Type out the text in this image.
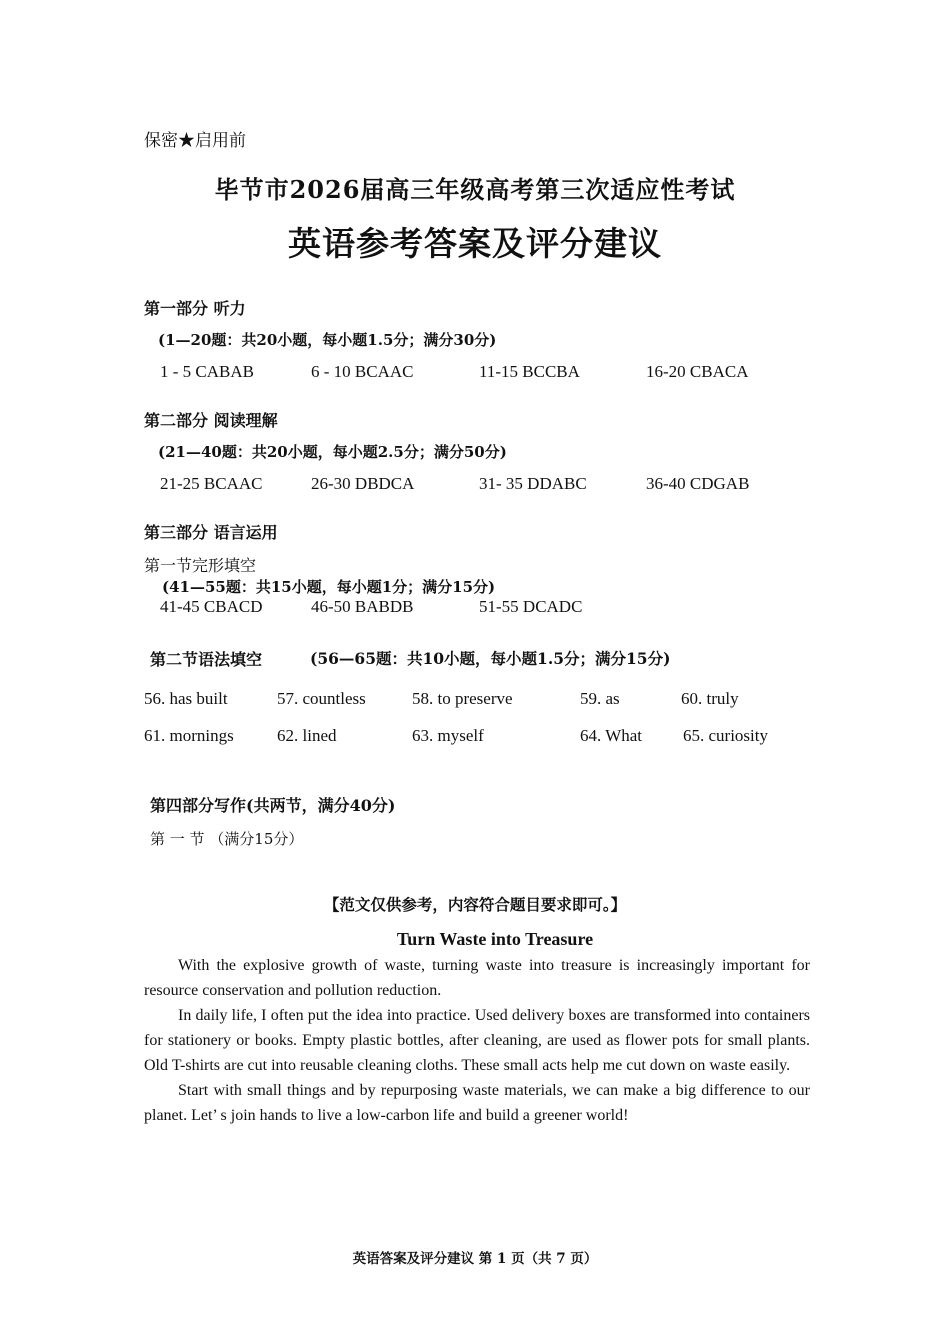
保密★启用前
毕节市2026届高三年级高考第三次适应性考试
英语参考答案及评分建议
第一部分 听力
(1—20题：共20小题，每小题1.5分；满分30分)
1 - 5 CABAB	6 - 10 BCAAC	11-15 BCCBA	16-20 CBACA
第二部分 阅读理解
(21—40题：共20小题，每小题2.5分；满分50分)
21-25 BCAAC	26-30 DBDCA	31- 35 DDABC	36-40 CDGAB
第三部分 语言运用
第一节完形填空
(41—55题：共15小题，每小题1分；满分15分)
41-45 CBACD	46-50 BABDB	51-55 DCADC
第二节语法填空	(56—65题：共10小题，每小题1.5分；满分15分)
56. has built	57. countless	58. to preserve	59. as	60. truly
61. mornings	62. lined	63. myself	64. What 65. curiosity
第四部分写作(共两节，满分40分)
第 一 节 （满分15分）
【范文仅供参考，内容符合题目要求即可。】
Turn Waste into Treasure

With the explosive growth of waste, turning waste into treasure is increasingly important for resource conservation and pollution reduction.

In daily life, I often put the idea into practice. Used delivery boxes are transformed into containers for stationery or books. Empty plastic bottles, after cleaning, are used as flower pots for small plants. Old T-shirts are cut into reusable cleaning cloths. These small acts help me cut down on waste easily.

Start with small things and by repurposing waste materials, we can make a big difference to our planet. Let’ s join hands to live a low-carbon life and build a greener world!

英语答案及评分建议 第 1 页（共 7 页）
